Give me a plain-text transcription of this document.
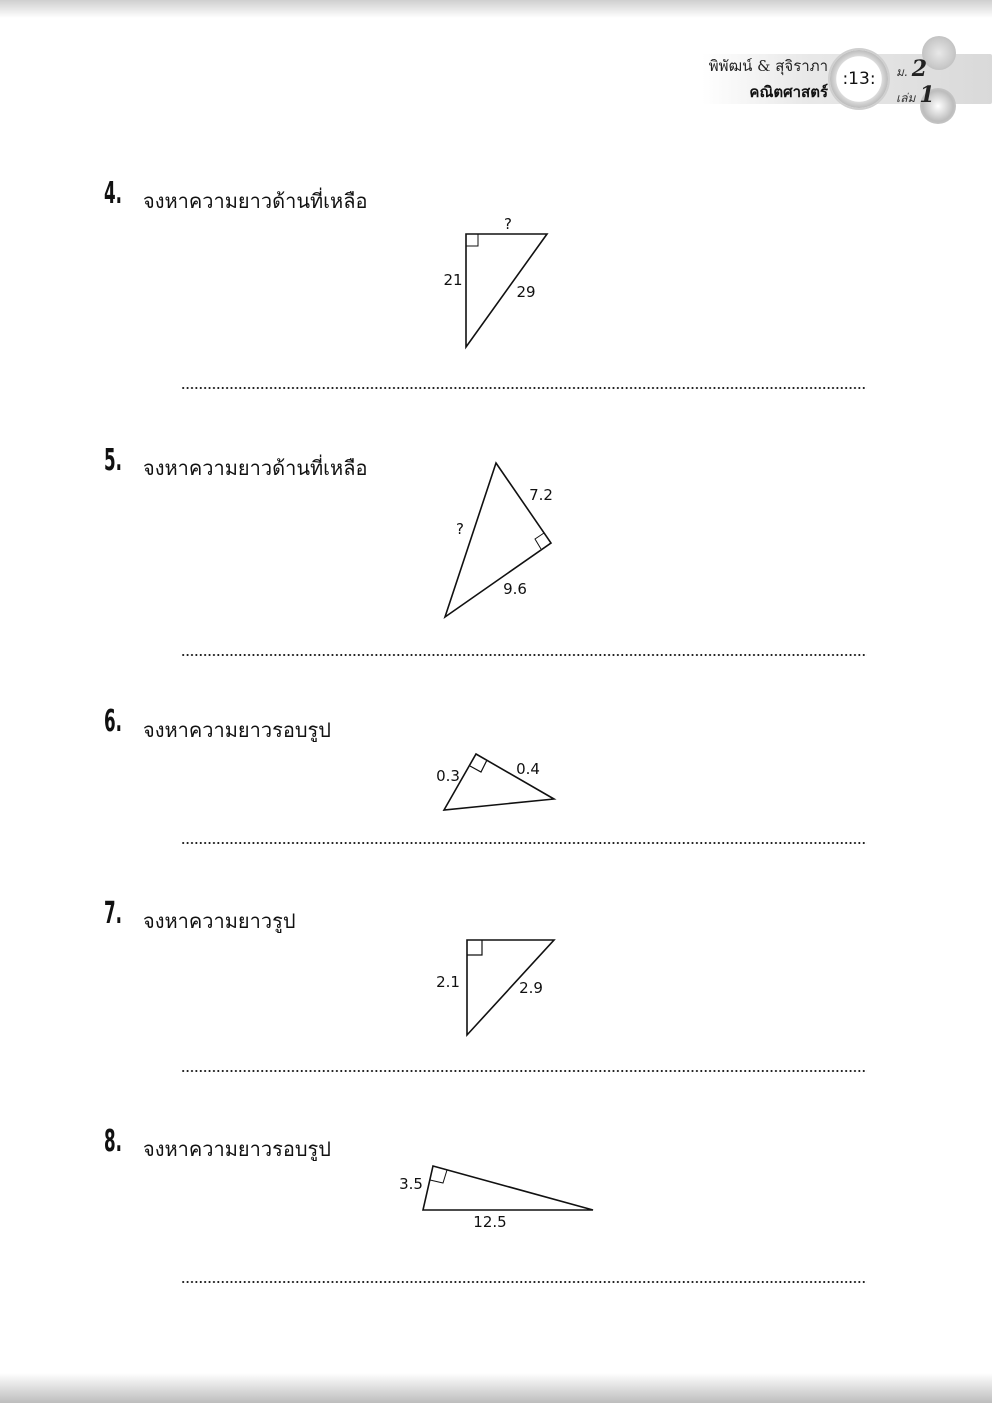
พิพัฒน์ & สุจิราภา
คณิตศาสตร์
:13:	ม. 2
เล่ม 1
4. จงหาความยาวด้านที่เหลือ
?
21
29
5. จงหาความยาวด้านที่เหลือ
7.2
?
9.6
6. จงหาความยาวรอบรูป
0.3	0.4
7. จงหาความยาวรูป
2.1	2.9
8. จงหาความยาวรอบรูป
3.5
12.5
